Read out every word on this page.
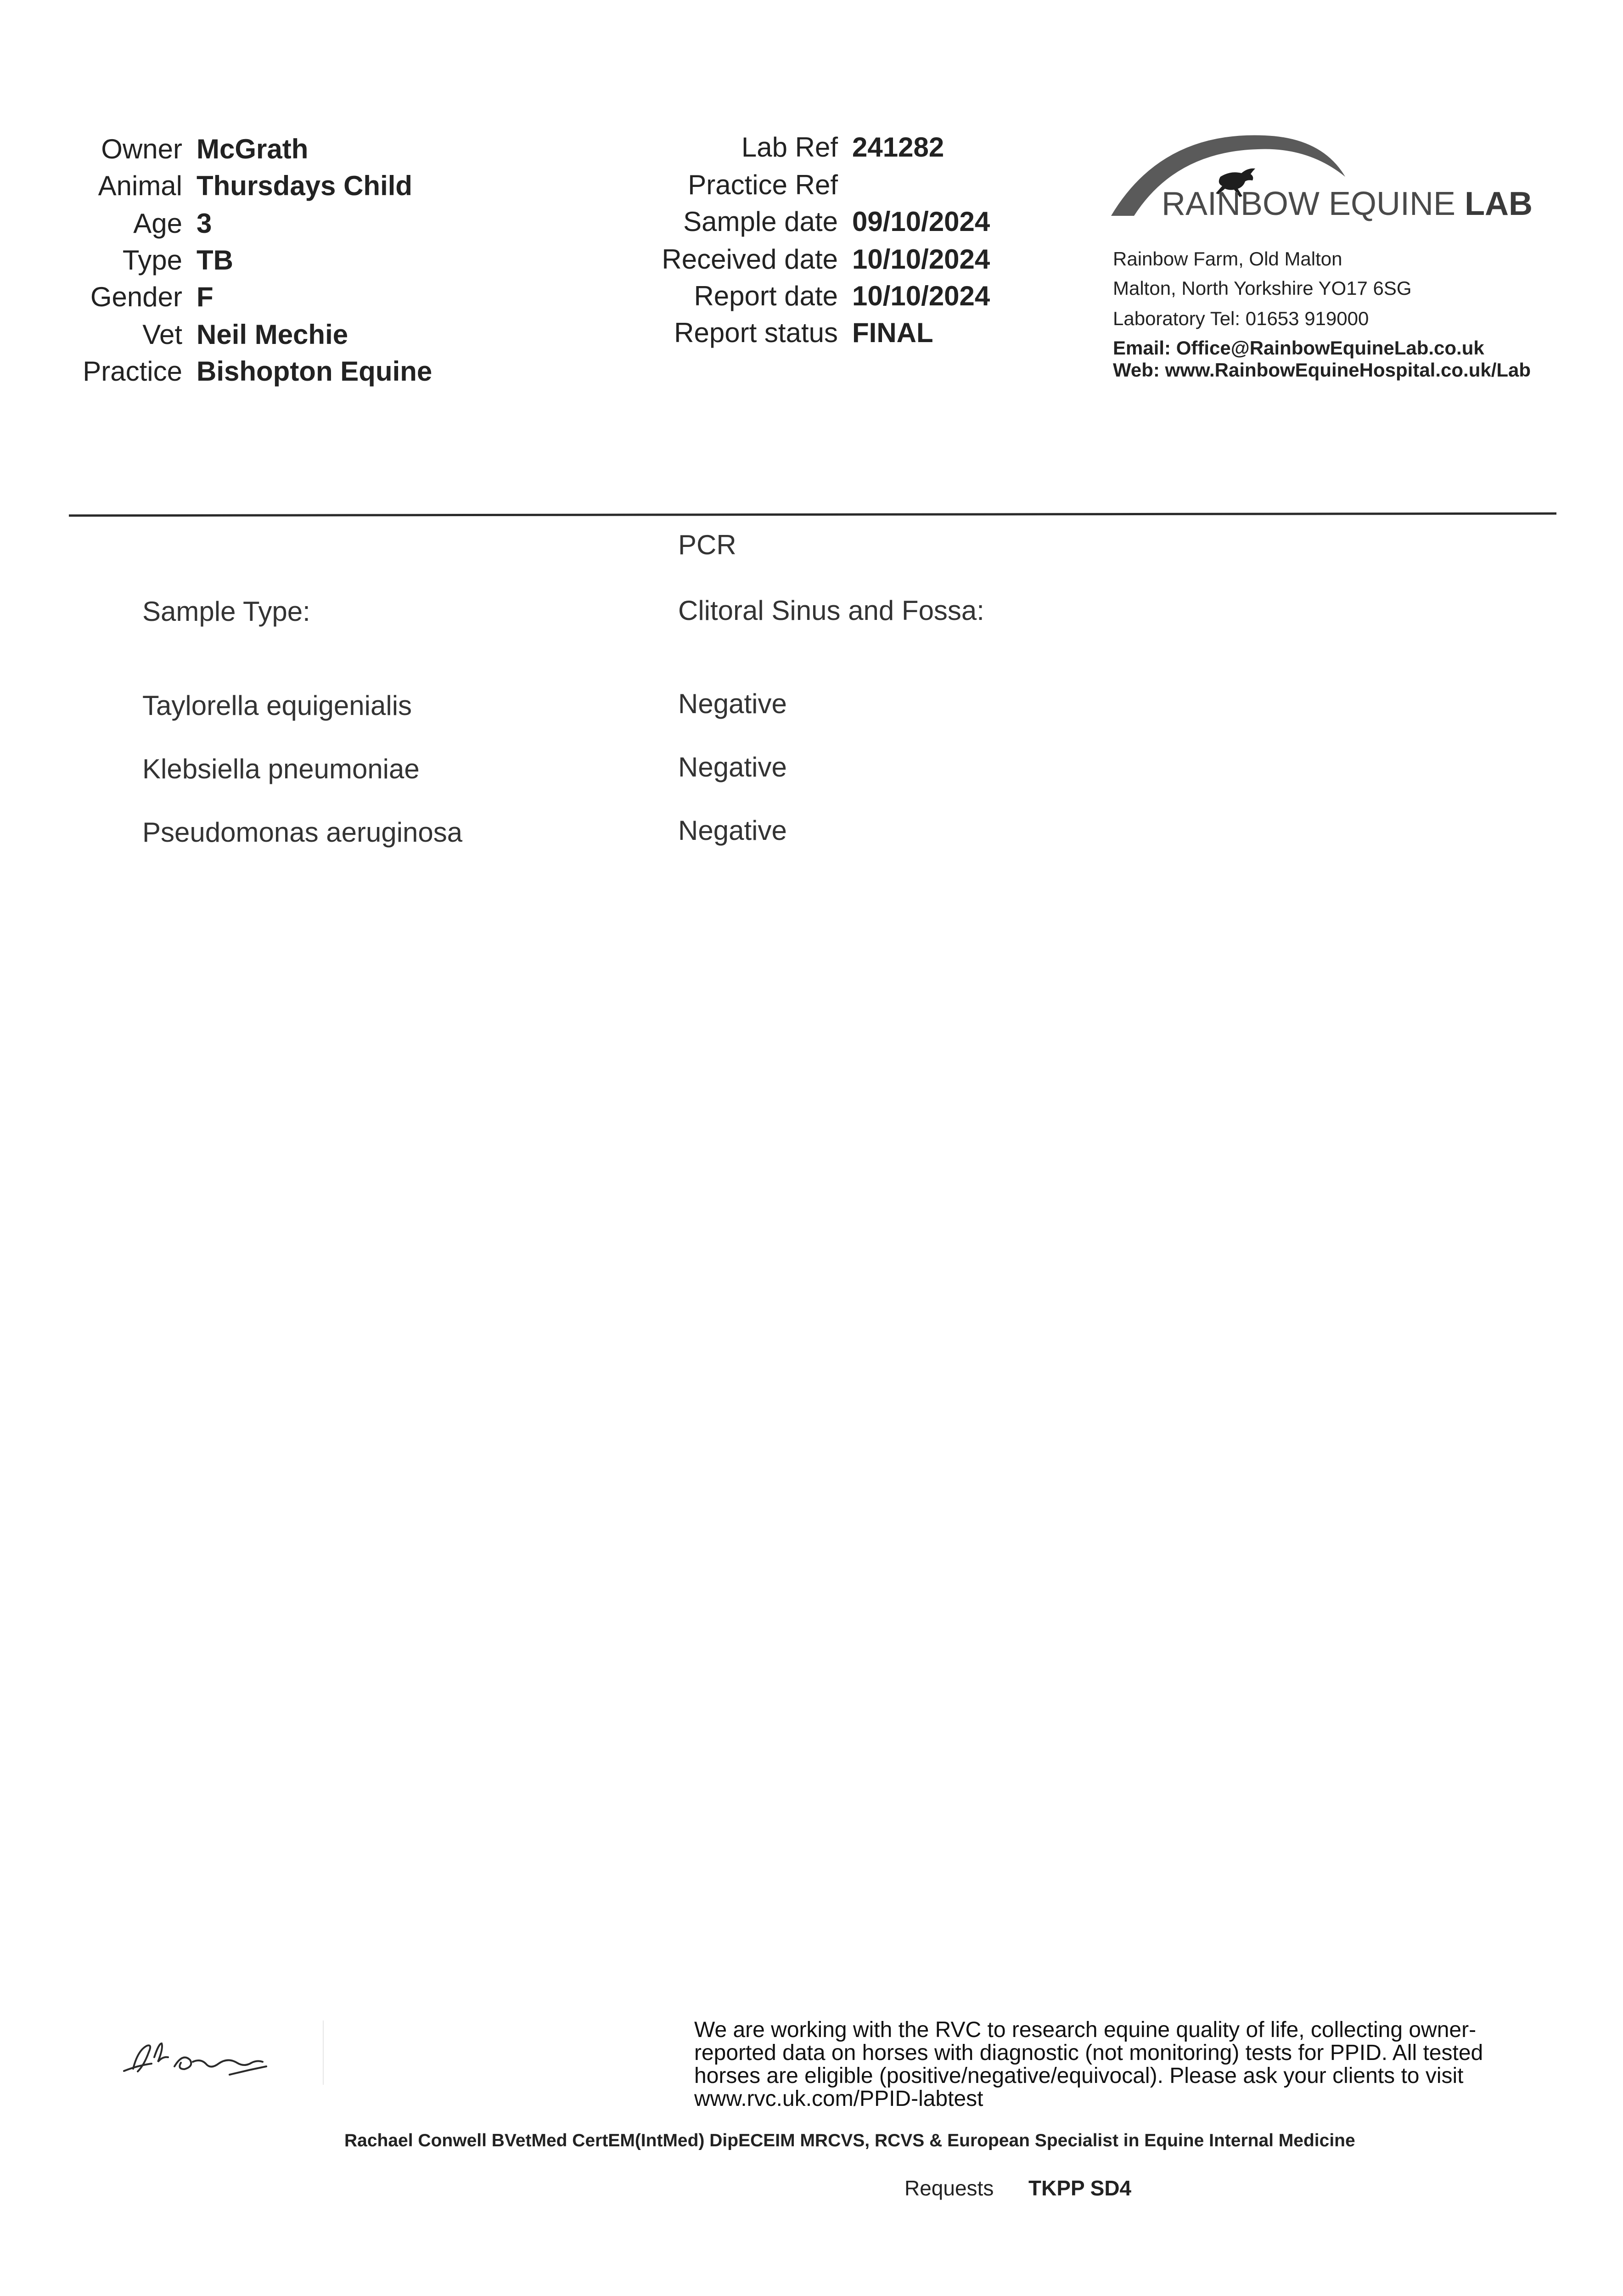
Owner McGrath
Animal Thursdays Child
Age 3
Type TB
Gender F
Vet Neil Mechie
Practice Bishopton Equine
Lab Ref 241282
Practice Ref
Sample date 09/10/2024
Received date 10/10/2024
Report date 10/10/2024
Report status FINAL
RAINBOW EQUINE LAB
Rainbow Farm, Old Malton
Malton, North Yorkshire YO17 6SG
Laboratory Tel: 01653 919000
Email: Office@RainbowEquineLab.co.uk
Web: www.RainbowEquineHospital.co.uk/Lab
PCR
Sample Type:	Clitoral Sinus and Fossa:
Taylorella equigenialis	Negative
Klebsiella pneumoniae	Negative
Pseudomonas aeruginosa	Negative
We are working with the RVC to research equine quality of life, collecting owner-reported data on horses with diagnostic (not monitoring) tests for PPID. All tested horses are eligible (positive/negative/equivocal). Please ask your clients to visit www.rvc.uk.com/PPID-labtest
Rachael Conwell BVetMed CertEM(IntMed) DipECEIM MRCVS, RCVS & European Specialist in Equine Internal Medicine
Requests TKPP SD4
